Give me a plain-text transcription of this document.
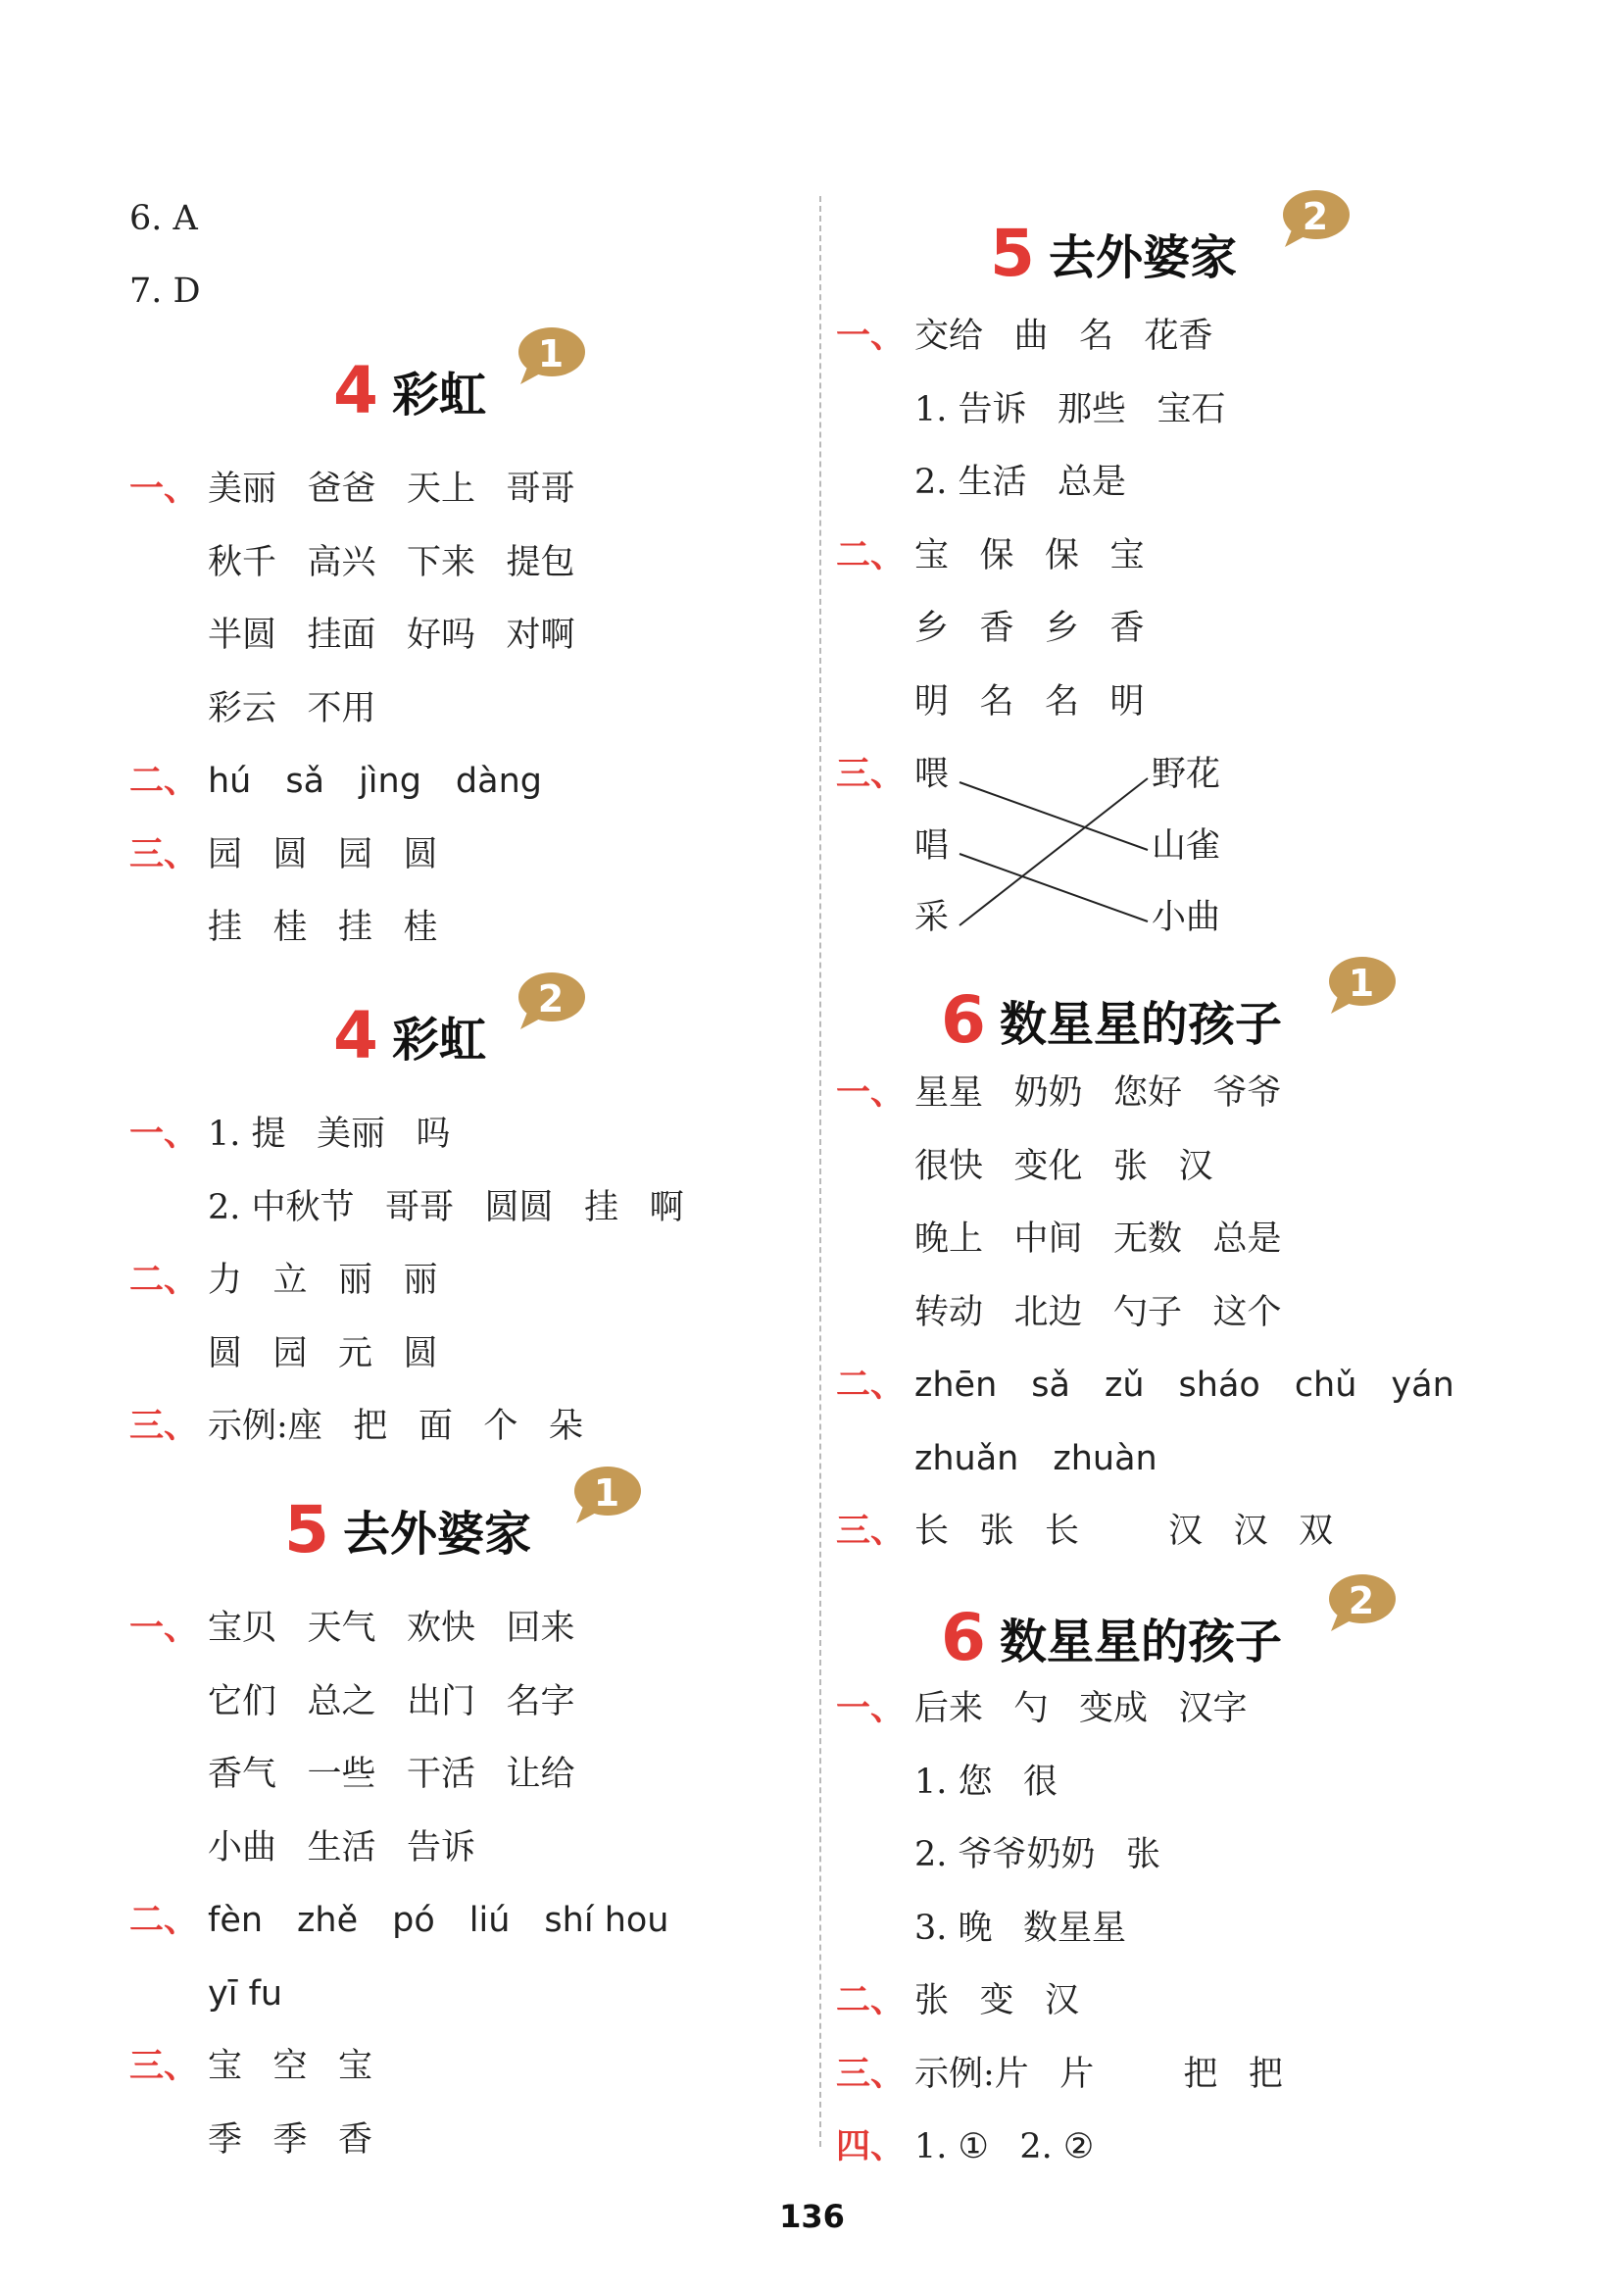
6. A
7. D
4 彩虹
1
一、 美丽 爸爸 天上 哥哥
秋千 高兴 下来 提包
半圆 挂面 好吗 对啊
彩云 不用
二、 hú sǎ jìng dàng
三、 园 圆 园 圆
挂 桂 挂 桂
4 彩虹
2
一、 1. 提 美丽 吗
2. 中秋节 哥哥 圆圆 挂 啊
二、 力 立 丽 丽
圆 园 元 圆
三、 示例:座 把 面 个 朵
5 去外婆家
1
一、 宝贝 天气 欢快 回来
它们 总之 出门 名字
香气 一些 干活 让给
小曲 生活 告诉
二、 fèn zhě pó liú shí hou
yī fu
三、 宝 空 宝
季 季 香
5 去外婆家
2
一、 交给 曲 名 花香
1. 告诉 那些 宝石
2. 生活 总是
二、 宝 保 保 宝
乡 香 乡 香
明 名 名 明
三、 喂
唱
采
野花
山雀
小曲
6 数星星的孩子
1
一、 星星 奶奶 您好 爷爷
很快 变化 张 汉
晚上 中间 无数 总是
转动 北边 勺子 这个
二、 zhēn sǎ zǔ sháo chǔ yán
zhuǎn zhuàn
三、 长 张 长	汉 汉 双
6 数星星的孩子
2
一、 后来 勺 变成 汉字
1. 您 很
2. 爷爷奶奶 张
3. 晚 数星星
二、 张 变 汉
三、 示例:片 片	把 把
四、 1. ① 2. ②
136
